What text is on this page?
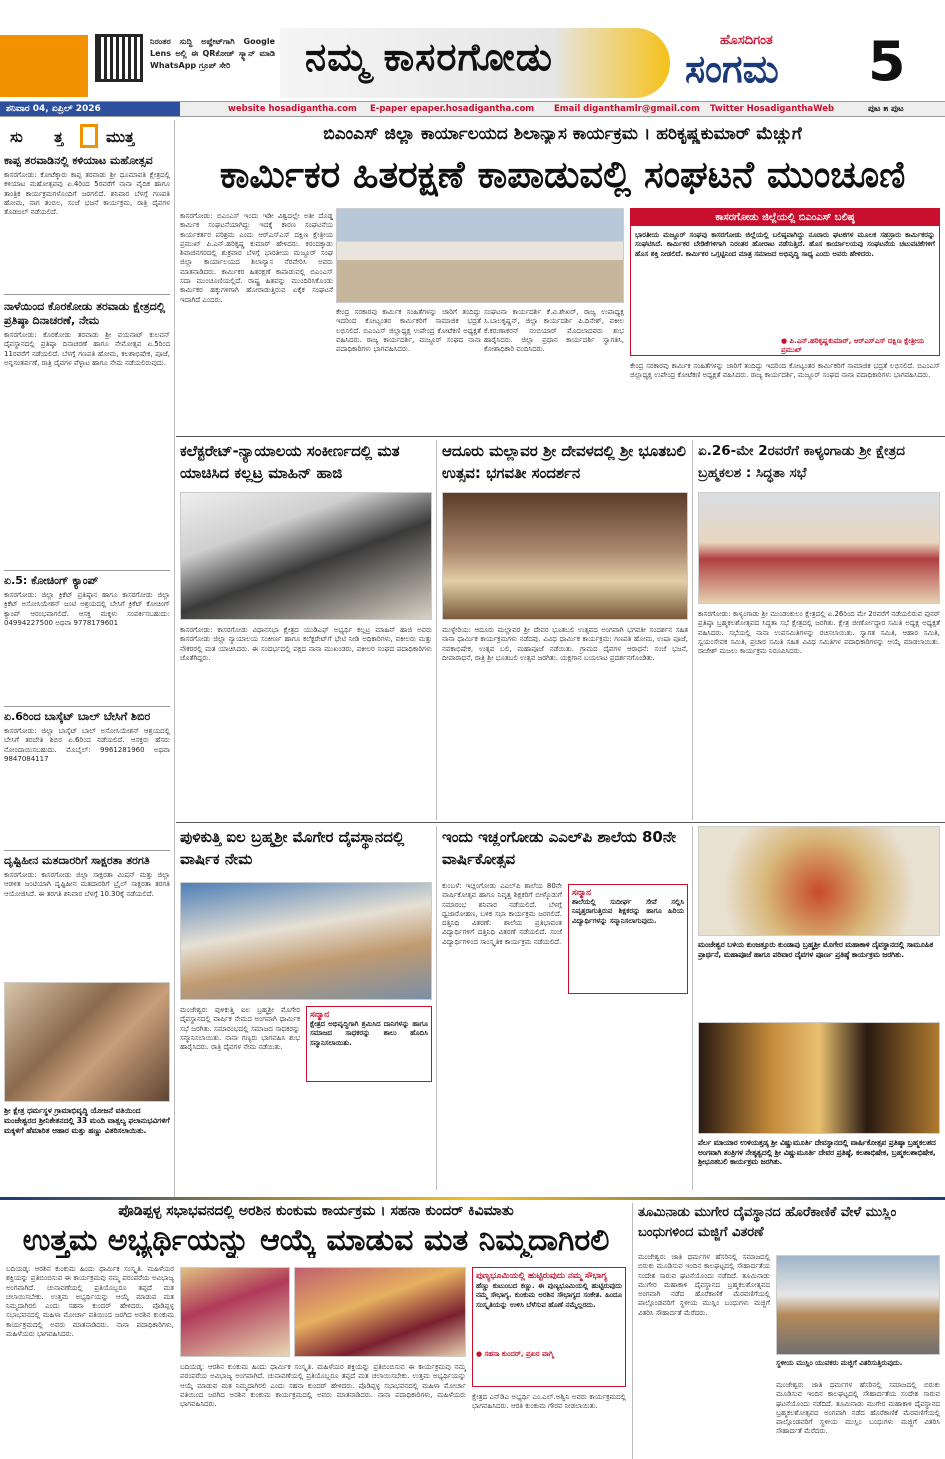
ನಿರಂತರ ಸುದ್ದಿ ಅಪ್ಡೇಟ್‌ಗಾಗಿ Google Lens ಅಲ್ಲಿ ಈ QRಕೋಡ್ ಸ್ಕ್ಯಾನ್ ಮಾಡಿ WhatsApp ಗ್ರೂಪ್ ಸೇರಿ	ನಮ್ಮ ಕಾಸರಗೋಡು	ಹೊಸದಿಗಂತ
ಸಂಗಮ 5
ಶನಿವಾರ 04, ಏಪ್ರಿಲ್ 2026	website hosadigantha.com E-paper epaper.hosadigantha.com Email diganthamlr@gmail.com Twitter HosadiganthaWeb	ಪುಟ ೫ ಪುಟ
ಸು ತ್ತ	ಮುತ್ತ
ಕಾಪ್ಪ ತರವಾಡಿನಲ್ಲಿ ಕಳಿಯಾಟ ಮಹೋತ್ಸವ
ಕಾಸರಗೋಡು: ಕೋಟೆಕ್ಕಾರು ಕಾಪ್ಪ ತರವಾಡು ಶ್ರೀ ಧೂಮಾವತಿ ಕ್ಷೇತ್ರದಲ್ಲಿ ಕಳಿಯಾಟ ಮಹೋತ್ಸವವು ಏ.4ರಿಂದ 5ರವರೆಗೆ ನಾನಾ ವೈದಿಕ ಹಾಗೂ ತಾಂತ್ರಿಕ ಕಾರ್ಯಕ್ರಮಗಳೊಂದಿಗೆ ಜರಗಲಿದೆ. ಶನಿವಾರ ಬೆಳಗ್ಗೆ ಗಣಪತಿ ಹೋಮ, ನಾಗ ತಂಬಿಲ, ಸಂಜೆ ಭಜನೆ ಕಾರ್ಯಕ್ರಮ, ರಾತ್ರಿ ದೈವಗಳ ತೊಡಙಲ್ ನಡೆಯಲಿದೆ.
ನಾಳೆಯಿಂದ ಕೊರಕೋಡು ತರವಾಡು ಕ್ಷೇತ್ರದಲ್ಲಿ ಪ್ರತಿಷ್ಠಾ ದಿನಾಚರಣೆ, ನೇಮ
ಕಾಸರಗೋಡು: ಕೊರಕೋಡು ತರವಾಡು ಶ್ರೀ ವಯನಾಟ್ ಕುಲವನ್ ದೈವಸ್ಥಾನದಲ್ಲಿ ಪ್ರತಿಷ್ಠಾ ದಿನಾಚರಣೆ ಹಾಗೂ ನೇಮೋತ್ಸವ ಏ.5ರಿಂದ 11ರವರೆಗೆ ನಡೆಯಲಿದೆ. ಬೆಳಗ್ಗೆ ಗಣಪತಿ ಹೋಮ, ಕಲಶಾಭಿಷೇಕ, ಪೂಜೆ, ಅನ್ನಸಂತರ್ಪಣೆ, ರಾತ್ರಿ ದೈವಗಳ ವೆಳ್ಳಾಟ ಹಾಗೂ ನೇಮ ನಡೆಯಲಿರುವುದು.
ಏ.5: ಕೋಚಿಂಗ್ ಕ್ಯಾಂಪ್
ಕಾಸರಗೋಡು: ಜಿಲ್ಲಾ ಕ್ರಿಕೆಟ್ ಪ್ರತಿಷ್ಠಾನ ಹಾಗೂ ಕಾಸರಗೋಡು ಜಿಲ್ಲಾ ಕ್ರಿಕೆಟ್ ಅಸೋಸಿಯೇಶನ್ ಜಂಟಿ ಆಶ್ರಯದಲ್ಲಿ ಬೇಸಿಗೆ ಕ್ರಿಕೆಟ್ ಕೋಚಿಂಗ್ ಕ್ಯಾಂಪ್ ಆರಂಭವಾಗಲಿದೆ. ಆಸಕ್ತ ಮಕ್ಕಳು ಸಂಪರ್ಕಿಸಬಹುದು: 04994227500 ಅಥವಾ 9778179601
ಏ.6ರಿಂದ ಬಾಸ್ಕೆಟ್ ಬಾಲ್ ಬೇಸಿಗೆ ಶಿಬಿರ
ಕಾಸರಗೋಡು: ಜಿಲ್ಲಾ ಬಾಸ್ಕೆಟ್ ಬಾಲ್ ಅಸೋಸಿಯೇಶನ್ ಆಶ್ರಯದಲ್ಲಿ ಬೇಸಿಗೆ ತರಬೇತಿ ಶಿಬಿರ ಏ.6ರಿಂದ ನಡೆಯಲಿದೆ. ಆಸಕ್ತರು ಹೆಸರು ನೋಂದಾಯಿಸಬಹುದು. ಮೊಬೈಲ್: 9961281960 ಅಥವಾ 9847084117
ದೃಷ್ಟಿಹೀನ ಮತದಾರರಿಗೆ ಸಾಕ್ಷರತಾ ತರಗತಿ
ಕಾಸರಗೋಡು: ಕಾಸರಗೋಡು ಜಿಲ್ಲಾ ಸಾಕ್ಷರತಾ ಮಿಷನ್ ಮತ್ತು ಜಿಲ್ಲಾ ಆಡಳಿತ ಜಂಟಿಯಾಗಿ ದೃಷ್ಟಿಹೀನ ಮತದಾರರಿಗೆ ಬ್ರೈಲ್ ಸಾಕ್ಷರತಾ ತರಗತಿ ಆಯೋಜಿಸಿದೆ. ಈ ತರಗತಿ ಶನಿವಾರ ಬೆಳಗ್ಗೆ 10.30ಕ್ಕೆ ನಡೆಯಲಿದೆ.
ಶ್ರೀ ಕ್ಷೇತ್ರ ಧರ್ಮಸ್ಥಳ ಗ್ರಾಮಾಭಿವೃದ್ಧಿ ಯೋಜನೆ ವತಿಯಿಂದ ಮಂಜೇಶ್ವರದ ಶ್ರೀನಿಕೇತನದಲ್ಲಿ 33 ಮಂದಿ ವಾತ್ಸಲ್ಯ ಫಲಾನುಭವಿಗಳಿಗೆ ಮಕ್ಕಳಿಗೆ ಹೆಮಾರಿತ ಆಹಾರ ಮತ್ತು ಹಣ್ಣು ವಿತರಿಸಲಾಯಿತು.
ಬಿಎಂಎಸ್ ಜಿಲ್ಲಾ ಕಾರ್ಯಾಲಯದ ಶಿಲಾನ್ಯಾಸ ಕಾರ್ಯಕ್ರಮ । ಹರಿಕೃಷ್ಣಕುಮಾರ್ ಮೆಚ್ಚುಗೆ
ಕಾರ್ಮಿಕರ ಹಿತರಕ್ಷಣೆ ಕಾಪಾಡುವಲ್ಲಿ ಸಂಘಟನೆ ಮುಂಚೂಣಿ
ಕಾಸರಗೋಡು: ಬಿಎಂಎಸ್ ಇಂದು ಇಡೀ ವಿಶ್ವದಲ್ಲೇ ಅತೀ ದೊಡ್ಡ ಕಾರ್ಮಿಕ ಸಂಘಟನೆಯಾಗಿದ್ದು ಇದಕ್ಕೆ ಕಾರಣ ಸಂಘಟನೆಯ ಕಾರ್ಯಕರ್ತರ ಪರಿಶ್ರಮ ಎಂದು ಆರ್‌ಎಸ್‌ಎಸ್ ದಕ್ಷಿಣ ಕ್ಷೇತ್ರೀಯ ಪ್ರಮುಖ್ ಪಿ.ಎನ್.ಹರಿಕೃಷ್ಣ ಕುಮಾರ್ ಹೇಳಿದರು. ಕರಂದಕ್ಕಾಡು ಶಿವಾಜಿನಗರದಲ್ಲಿ ಶುಕ್ರವಾರ ಬೆಳಗ್ಗೆ ಭಾರತೀಯ ಮಜ್ದೂರ್ ಸಂಘ ಜಿಲ್ಲಾ ಕಾರ್ಯಾಲಯದ ಶಿಲಾನ್ಯಾಸ ನೆರವೇರಿಸಿ ಅವರು ಮಾತನಾಡಿದರು. ಕಾರ್ಮಿಕರ ಹಿತರಕ್ಷಣೆ ಕಾಪಾಡುವಲ್ಲಿ ಬಿಎಂಎಸ್ ಸದಾ ಮುಂಚೂಣಿಯಲ್ಲಿದೆ. ರಾಷ್ಟ್ರ ಹಿತವನ್ನು ಮುಂದಿರಿಸಿಕೊಂಡು ಕಾರ್ಮಿಕರ ಹಕ್ಕುಗಳಿಗಾಗಿ ಹೋರಾಡುತ್ತಿರುವ ಏಕೈಕ ಸಂಘಟನೆ ಇದಾಗಿದೆ ಎಂದರು.
ಕೇಂದ್ರ ಸರಕಾರವು ಕಾರ್ಮಿಕ ಸಂಹಿತೆಗಳನ್ನು ಜಾರಿಗೆ ತಂದಿದ್ದು ಇದರಿಂದ ಕೋಟ್ಯಂತರ ಕಾರ್ಮಿಕರಿಗೆ ಸಾಮಾಜಿಕ ಭದ್ರತೆ ಲಭಿಸಲಿದೆ. ಬಿಎಂಎಸ್ ಜಿಲ್ಲಾಧ್ಯಕ್ಷ ಉಪೇಂದ್ರ ಕೋಟೆಕಣಿ ಅಧ್ಯಕ್ಷತೆ ವಹಿಸಿದರು. ರಾಜ್ಯ ಕಾರ್ಯದರ್ಶಿ, ಮಜ್ದೂರ್ ಸಂಘದ ನಾನಾ ಪದಾಧಿಕಾರಿಗಳು ಭಾಗವಹಿಸಿದರು.
ಸಂಘಟನಾ ಕಾರ್ಯದರ್ಶಿ ಕೆ.ವಿ.ಶೇಖರ್, ರಾಜ್ಯ ಉಪಾಧ್ಯಕ್ಷ ಸಿ.ಬಾಲಕೃಷ್ಣನ್, ಜಿಲ್ಲಾ ಕಾರ್ಯದರ್ಶಿ ಪಿ.ದಿನೇಶ್, ವಕೀಲ ಕೆ.ಕರುಣಾಕರನ್ ನಂಬಿಯಾರ್ ಮೊದಲಾದವರು ಶುಭ ಹಾರೈಸಿದರು. ಜಿಲ್ಲಾ ಪ್ರಧಾನ ಕಾರ್ಯದರ್ಶಿ ಸ್ವಾಗತಿಸಿ, ಕೋಶಾಧಿಕಾರಿ ವಂದಿಸಿದರು.
ಕಾಸರಗೋಡು ಜಿಲ್ಲೆಯಲ್ಲಿ ಬಿಎಂಎಸ್ ಬಲಿಷ್ಠ
ಭಾರತೀಯ ಮಜ್ದೂರ್ ಸಂಘವು ಕಾಸರಗೋಡು ಜಿಲ್ಲೆಯಲ್ಲಿ ಬಲಿಷ್ಠವಾಗಿದ್ದು ನೂರಾರು ಘಟಕಗಳ ಮೂಲಕ ಸಹಸ್ರಾರು ಕಾರ್ಮಿಕರನ್ನು ಸಂಘಟಿಸಿದೆ. ಕಾರ್ಮಿಕರ ಬೇಡಿಕೆಗಳಿಗಾಗಿ ನಿರಂತರ ಹೋರಾಟ ನಡೆಸುತ್ತಿದೆ. ಹೊಸ ಕಾರ್ಯಾಲಯವು ಸಂಘಟನೆಯ ಚಟುವಟಿಕೆಗಳಿಗೆ ಹೊಸ ಶಕ್ತಿ ನೀಡಲಿದೆ. ಕಾರ್ಮಿಕರ ಒಗ್ಗಟ್ಟಿನಿಂದ ಮಾತ್ರ ಸಮಾಜದ ಅಭಿವೃದ್ಧಿ ಸಾಧ್ಯ ಎಂದು ಅವರು ಹೇಳಿದರು.
● ಪಿ.ಎನ್.ಹರಿಕೃಷ್ಣಕುಮಾರ್, ಆರ್‌ಎಸ್‌ಎಸ್ ದಕ್ಷಿಣ ಕ್ಷೇತ್ರೀಯ ಪ್ರಮುಖ್
ಕೇಂದ್ರ ಸರಕಾರವು ಕಾರ್ಮಿಕ ಸಂಹಿತೆಗಳನ್ನು ಜಾರಿಗೆ ತಂದಿದ್ದು ಇದರಿಂದ ಕೋಟ್ಯಂತರ ಕಾರ್ಮಿಕರಿಗೆ ಸಾಮಾಜಿಕ ಭದ್ರತೆ ಲಭಿಸಲಿದೆ. ಬಿಎಂಎಸ್ ಜಿಲ್ಲಾಧ್ಯಕ್ಷ ಉಪೇಂದ್ರ ಕೋಟೆಕಣಿ ಅಧ್ಯಕ್ಷತೆ ವಹಿಸಿದರು. ರಾಜ್ಯ ಕಾರ್ಯದರ್ಶಿ, ಮಜ್ದೂರ್ ಸಂಘದ ನಾನಾ ಪದಾಧಿಕಾರಿಗಳು ಭಾಗವಹಿಸಿದರು.
ಕಲೆಕ್ಟರೇಟ್-ನ್ಯಾಯಾಲಯ ಸಂಕೀರ್ಣದಲ್ಲಿ ಮತ ಯಾಚಿಸಿದ ಕಲ್ಲಟ್ರ ಮಾಹಿನ್ ಹಾಜಿ
ಕಾಸರಗೋಡು: ಕಾಸರಗೋಡು ವಿಧಾನಸಭಾ ಕ್ಷೇತ್ರದ ಯುಡಿಎಫ್ ಅಭ್ಯರ್ಥಿ ಕಲ್ಲಟ್ರ ಮಾಹಿನ್ ಹಾಜಿ ಅವರು ಕಾಸರಗೋಡು ಜಿಲ್ಲಾ ನ್ಯಾಯಾಲಯ ಸಂಕೀರ್ಣ ಹಾಗೂ ಕಲೆಕ್ಟರೇಟ್‌ಗೆ ಭೇಟಿ ನೀಡಿ ಅಧಿಕಾರಿಗಳು, ವಕೀಲರು ಮತ್ತು ನೌಕರರಲ್ಲಿ ಮತ ಯಾಚಿಸಿದರು. ಈ ಸಂದರ್ಭದಲ್ಲಿ ಪಕ್ಷದ ನಾನಾ ಮುಖಂಡರು, ವಕೀಲರ ಸಂಘದ ಪದಾಧಿಕಾರಿಗಳು ಜೊತೆಗಿದ್ದರು.
ಆದೂರು ಮಲ್ಲಾವರ ಶ್ರೀ ದೇವಳದಲ್ಲಿ ಶ್ರೀ ಭೂತಬಲಿ ಉತ್ಸವ: ಭಗವತೀ ಸಂದರ್ಶನ
ಮುಳ್ಳೇರಿಯ: ಆದೂರು ಮಲ್ಲಾವರ ಶ್ರೀ ದೇವರ ಭೂತಬಲಿ ಉತ್ಸವದ ಅಂಗವಾಗಿ ಭಗವತೀ ಸಂದರ್ಶನ ಸಹಿತ ನಾನಾ ಧಾರ್ಮಿಕ ಕಾರ್ಯಕ್ರಮಗಳು ನಡೆದವು. ವಿವಿಧ ಧಾರ್ಮಿಕ ಕಾರ್ಯಕ್ರಮ: ಗಣಪತಿ ಹೋಮ, ಉಷಾ ಪೂಜೆ, ನವಕಾಭಿಷೇಕ, ಉತ್ಸವ ಬಲಿ, ಮಹಾಪೂಜೆ ನಡೆಯಿತು. ಗ್ರಾಮದ ದೈವಗಳ ಆರಾಧನೆ: ಸಂಜೆ ಭಜನೆ, ದೀಪಾರಾಧನೆ, ರಾತ್ರಿ ಶ್ರೀ ಭೂತಬಲಿ ಉತ್ಸವ ಜರಗಿತು. ಯಕ್ಷಗಾನ ಬಯಲಾಟ ಪ್ರದರ್ಶನಗೊಂಡಿತು.
ಏ.26-ಮೇ 2ರವರೆಗೆ ಕಾಳ್ಯಂಗಾಡು ಶ್ರೀ ಕ್ಷೇತ್ರದ ಬ್ರಹ್ಮಕಲಶ : ಸಿದ್ಧತಾ ಸಭೆ
ಕಾಸರಗೋಡು: ಕಾಳ್ಯಂಗಾಡು ಶ್ರೀ ಮುಂಡಂಕುಲಂ ಕ್ಷೇತ್ರದಲ್ಲಿ ಏ.26ರಿಂದ ಮೇ 2ರವರೆಗೆ ನಡೆಯಲಿರುವ ಪುನರ್ ಪ್ರತಿಷ್ಠಾ ಬ್ರಹ್ಮಕಲಶೋತ್ಸವದ ಸಿದ್ಧತಾ ಸಭೆ ಕ್ಷೇತ್ರದಲ್ಲಿ ಜರಗಿತು. ಕ್ಷೇತ್ರ ಜೀರ್ಣೋದ್ಧಾರ ಸಮಿತಿ ಅಧ್ಯಕ್ಷ ಅಧ್ಯಕ್ಷತೆ ವಹಿಸಿದರು. ಸಭೆಯಲ್ಲಿ ನಾನಾ ಉಪಸಮಿತಿಗಳನ್ನು ರಚಿಸಲಾಯಿತು. ಸ್ವಾಗತ ಸಮಿತಿ, ಆಹಾರ ಸಮಿತಿ, ಸ್ವಯಂಸೇವಕ ಸಮಿತಿ, ಪ್ರಚಾರ ಸಮಿತಿ ಸಹಿತ ವಿವಿಧ ಸಮಿತಿಗಳ ಪದಾಧಿಕಾರಿಗಳನ್ನು ಆಯ್ಕೆ ಮಾಡಲಾಯಿತು. ರಾಜೇಶ್ ಮಜಲು ಕಾರ್ಯಕ್ರಮ ನಿರೂಪಿಸಿದರು.
ಪುಳಿಕುತ್ತಿ ಐಲ ಬ್ರಹ್ಮಶ್ರೀ ಮೊಗೇರ ದೈವಸ್ಥಾನದಲ್ಲಿ ವಾರ್ಷಿಕ ನೇಮ
ಮಂಜೇಶ್ವರ: ಪುಳಿಕುತ್ತಿ ಐಲ ಬ್ರಹ್ಮಶ್ರೀ ಮೊಗೇರ ದೈವಸ್ಥಾನದಲ್ಲಿ ವಾರ್ಷಿಕ ನೇಮದ ಅಂಗವಾಗಿ ಧಾರ್ಮಿಕ ಸಭೆ ಜರಗಿತು. ಸಮಾರಂಭದಲ್ಲಿ ಸಮಾಜದ ಸಾಧಕರನ್ನು ಸನ್ಮಾನಿಸಲಾಯಿತು. ನಾನಾ ಗಣ್ಯರು ಭಾಗವಹಿಸಿ ಶುಭ ಹಾರೈಸಿದರು. ರಾತ್ರಿ ದೈವಗಳ ನೇಮ ನಡೆಯಿತು.
ಸನ್ಮಾನ
ಕ್ಷೇತ್ರದ ಅಭಿವೃದ್ಧಿಗಾಗಿ ಶ್ರಮಿಸಿದ ದಾನಿಗಳನ್ನು ಹಾಗೂ ಸಮಾಜದ ಸಾಧಕರನ್ನು ಶಾಲು ಹೊದಿಸಿ ಸನ್ಮಾನಿಸಲಾಯಿತು.
ಇಂದು ಇಚ್ಲಂಗೋಡು ಎಎಲ್‌ಪಿ ಶಾಲೆಯ 80ನೇ ವಾರ್ಷಿಕೋತ್ಸವ
ಕುಂಬಳೆ: ಇಚ್ಲಂಗೋಡು ಎಎಲ್‌ಪಿ ಶಾಲೆಯ 80ನೇ ವಾರ್ಷಿಕೋತ್ಸವ ಹಾಗೂ ನಿವೃತ್ತ ಶಿಕ್ಷಕರಿಗೆ ಬೀಳ್ಕೊಡುಗೆ ಸಮಾರಂಭ ಶನಿವಾರ ನಡೆಯಲಿದೆ. ಬೆಳಗ್ಗೆ ಧ್ವಜಾರೋಹಣ, ಬಳಿಕ ಸಭಾ ಕಾರ್ಯಕ್ರಮ ಜರಗಲಿದೆ. ದತ್ತಿನಿಧಿ ವಿತರಣೆ: ಶಾಲೆಯ ಪ್ರತಿಭಾವಂತ ವಿದ್ಯಾರ್ಥಿಗಳಿಗೆ ದತ್ತಿನಿಧಿ ವಿತರಣೆ ನಡೆಯಲಿದೆ. ಸಂಜೆ ವಿದ್ಯಾರ್ಥಿಗಳಿಂದ ಸಾಂಸ್ಕೃತಿಕ ಕಾರ್ಯಕ್ರಮ ನಡೆಯಲಿದೆ.
ಸನ್ಮಾನ
ಶಾಲೆಯಲ್ಲಿ ಸುದೀರ್ಘ ಸೇವೆ ಸಲ್ಲಿಸಿ ನಿವೃತ್ತರಾಗುತ್ತಿರುವ ಶಿಕ್ಷಕರನ್ನು ಹಾಗೂ ಹಿರಿಯ ವಿದ್ಯಾರ್ಥಿಗಳನ್ನು ಸನ್ಮಾನಿಸಲಾಗುವುದು.
ಮಂಜೇಶ್ವರ ಬಳಿಯ ಕುಂಜತ್ತೂರು ಕುಂಡಾಪು ಬ್ರಹ್ಮಶ್ರೀ ಮೊಗೇರ ಮಹಾಕಾಳಿ ದೈವಸ್ಥಾನದಲ್ಲಿ ಸಾಮೂಹಿಕ ಪ್ರಾರ್ಥನೆ, ಮಹಾಪೂಜೆ ಹಾಗೂ ಪರಿವಾರ ದೈವಗಳ ಪೂರ್ಣ ಪ್ರತಿಷ್ಠೆ ಕಾರ್ಯಕ್ರಮ ಜರಗಿತು.
ಪೆರ್ಲ ಮಾಯಾರ ಉಳಿಯತ್ತಡ್ಕ ಶ್ರೀ ವಿಷ್ಣುಮೂರ್ತಿ ದೇವಸ್ಥಾನದಲ್ಲಿ ವಾರ್ಷಿಕೋತ್ಸವ ಪ್ರತಿಷ್ಠಾ ಬ್ರಹ್ಮಕಲಶದ ಅಂಗವಾಗಿ ತಂತ್ರಿಗಳ ನೇತೃತ್ವದಲ್ಲಿ ಶ್ರೀ ವಿಷ್ಣುಮೂರ್ತಿ ದೇವರ ಪ್ರತಿಷ್ಠೆ, ಕಲಶಾಭಿಷೇಕ, ಬ್ರಹ್ಮಕಲಶಾಭಿಷೇಕ, ಶ್ರೀಭೂತಬಲಿ ಕಾರ್ಯಕ್ರಮ ಜರಗಿತು.
ಪೊಡಿಪ್ಪಳ್ಳ ಸಭಾಭವನದಲ್ಲಿ ಅರಶಿನ ಕುಂಕುಮ ಕಾರ್ಯಕ್ರಮ । ಸಹನಾ ಕುಂದರ್ ಕಿವಿಮಾತು
ಉತ್ತಮ ಅಭ್ಯರ್ಥಿಯನ್ನು ಆಯ್ಕೆ ಮಾಡುವ ಮತ ನಿಮ್ಮದಾಗಿರಲಿ
ಬದಿಯಡ್ಕ: ಆರಶಿನ ಕುಂಕುಮ ಹಿಂದು ಧಾರ್ಮಿಕ ಸಂಸ್ಕೃತಿ. ಮಹಿಳೆಯರ ಶಕ್ತಿಯನ್ನು ಪ್ರತಿಬಿಂಬಿಸುವ ಈ ಕಾರ್ಯಕ್ರಮವು ನಮ್ಮ ಪರಂಪರೆಯ ಅವಿಭಾಜ್ಯ ಅಂಗವಾಗಿದೆ. ಚುನಾವಣೆಯಲ್ಲಿ ಪ್ರತಿಯೊಬ್ಬರೂ ತಪ್ಪದೆ ಮತ ಚಲಾಯಿಸಬೇಕು. ಉತ್ತಮ ಅಭ್ಯರ್ಥಿಯನ್ನು ಆಯ್ಕೆ ಮಾಡುವ ಮತ ನಿಮ್ಮದಾಗಿರಲಿ ಎಂದು ಸಹನಾ ಕುಂದರ್ ಹೇಳಿದರು. ಪೊಡಿಪ್ಪಳ್ಳ ಸಭಾಭವನದಲ್ಲಿ ಮಹಿಳಾ ಮೋರ್ಚಾ ವತಿಯಿಂದ ಜರಗಿದ ಅರಶಿನ ಕುಂಕುಮ ಕಾರ್ಯಕ್ರಮದಲ್ಲಿ ಅವರು ಮಾತನಾಡಿದರು. ನಾನಾ ಪದಾಧಿಕಾರಿಗಳು, ಮಹಿಳೆಯರು ಭಾಗವಹಿಸಿದರು.
ಬದಿಯಡ್ಕ: ಆರಶಿನ ಕುಂಕುಮ ಹಿಂದು ಧಾರ್ಮಿಕ ಸಂಸ್ಕೃತಿ. ಮಹಿಳೆಯರ ಶಕ್ತಿಯನ್ನು ಪ್ರತಿಬಿಂಬಿಸುವ ಈ ಕಾರ್ಯಕ್ರಮವು ನಮ್ಮ ಪರಂಪರೆಯ ಅವಿಭಾಜ್ಯ ಅಂಗವಾಗಿದೆ. ಚುನಾವಣೆಯಲ್ಲಿ ಪ್ರತಿಯೊಬ್ಬರೂ ತಪ್ಪದೆ ಮತ ಚಲಾಯಿಸಬೇಕು. ಉತ್ತಮ ಅಭ್ಯರ್ಥಿಯನ್ನು ಆಯ್ಕೆ ಮಾಡುವ ಮತ ನಿಮ್ಮದಾಗಿರಲಿ ಎಂದು ಸಹನಾ ಕುಂದರ್ ಹೇಳಿದರು. ಪೊಡಿಪ್ಪಳ್ಳ ಸಭಾಭವನದಲ್ಲಿ ಮಹಿಳಾ ಮೋರ್ಚಾ ವತಿಯಿಂದ ಜರಗಿದ ಅರಶಿನ ಕುಂಕುಮ ಕಾರ್ಯಕ್ರಮದಲ್ಲಿ ಅವರು ಮಾತನಾಡಿದರು. ನಾನಾ ಪದಾಧಿಕಾರಿಗಳು, ಮಹಿಳೆಯರು ಭಾಗವಹಿಸಿದರು.
ಪುಣ್ಯಭೂಮಿಯಲ್ಲಿ ಹುಟ್ಟಿರುವುದು ನಮ್ಮ ಸೌಭಾಗ್ಯ
ಹೆಣ್ಣು ಕುಟುಂಬದ ಕಣ್ಣು. ಈ ಪುಣ್ಯಭೂಮಿಯಲ್ಲಿ ಹುಟ್ಟಿರುವುದು ನಮ್ಮ ಸೌಭಾಗ್ಯ. ಕುಂಕುಮ ಅರಶಿನ ಸೌಭಾಗ್ಯದ ಸಂಕೇತ. ಹಿಂದೂ ಸಂಸ್ಕೃತಿಯನ್ನು ಉಳಿಸಿ ಬೆಳೆಸುವ ಹೊಣೆ ನಮ್ಮೆಲ್ಲರದು.
● ಸಹನಾ ಕುಂದರ್, ಪ್ರಖರ ವಾಗ್ಮಿ
ಕ್ಷೇತ್ರದ ಎನ್‌ಡಿಎ ಅಭ್ಯರ್ಥಿ ಎಂ.ಎಲ್.ಅಶ್ವಿನಿ ಅವರು ಕಾರ್ಯಕ್ರಮದಲ್ಲಿ ಭಾಗವಹಿಸಿದರು. ಆರತಿ ಕುಂಕುಮ ಗೌರವ ನೀಡಲಾಯಿತು.
ತೂಮಿನಾಡು ಮುಗೇರ ದೈವಸ್ಥಾನದ ಹೊರೆಕಾಣಿಕೆ ವೇಳೆ ಮುಸ್ಲಿಂ ಬಂಧುಗಳಿಂದ ಮಜ್ಜಿಗೆ ವಿತರಣೆ
ಮಂಜೇಶ್ವರ: ಜಾತಿ ಧರ್ಮಗಳ ಹೆಸರಿನಲ್ಲಿ ಸಮಾಜದಲ್ಲಿ ಬಿರುಕು ಮೂಡಿಸುವ ಇಂದಿನ ಕಾಲಘಟ್ಟದಲ್ಲಿ ಸೌಹಾರ್ದತೆಯ ಸಂದೇಶ ಸಾರುವ ಘಟನೆಯೊಂದು ನಡೆದಿದೆ. ತೂಮಿನಾಡು ಮುಗೇರ ಮಹಾಕಾಳಿ ದೈವಸ್ಥಾನದ ಬ್ರಹ್ಮಕಲಶೋತ್ಸವದ ಅಂಗವಾಗಿ ನಡೆದ ಹೊರೆಕಾಣಿಕೆ ಮೆರವಣಿಗೆಯಲ್ಲಿ ಪಾಲ್ಗೊಂಡವರಿಗೆ ಸ್ಥಳೀಯ ಮುಸ್ಲಿಂ ಬಂಧುಗಳು ಮಜ್ಜಿಗೆ ವಿತರಿಸಿ ಸೌಹಾರ್ದತೆ ಮೆರೆದರು.
ಸ್ಥಳೀಯ ಮುಸ್ಲಿಂ ಯುವಕರು ಮಜ್ಜಿಗೆ ವಿತರಿಸುತ್ತಿರುವುದು.
ಮಂಜೇಶ್ವರ: ಜಾತಿ ಧರ್ಮಗಳ ಹೆಸರಿನಲ್ಲಿ ಸಮಾಜದಲ್ಲಿ ಬಿರುಕು ಮೂಡಿಸುವ ಇಂದಿನ ಕಾಲಘಟ್ಟದಲ್ಲಿ ಸೌಹಾರ್ದತೆಯ ಸಂದೇಶ ಸಾರುವ ಘಟನೆಯೊಂದು ನಡೆದಿದೆ. ತೂಮಿನಾಡು ಮುಗೇರ ಮಹಾಕಾಳಿ ದೈವಸ್ಥಾನದ ಬ್ರಹ್ಮಕಲಶೋತ್ಸವದ ಅಂಗವಾಗಿ ನಡೆದ ಹೊರೆಕಾಣಿಕೆ ಮೆರವಣಿಗೆಯಲ್ಲಿ ಪಾಲ್ಗೊಂಡವರಿಗೆ ಸ್ಥಳೀಯ ಮುಸ್ಲಿಂ ಬಂಧುಗಳು ಮಜ್ಜಿಗೆ ವಿತರಿಸಿ ಸೌಹಾರ್ದತೆ ಮೆರೆದರು.
